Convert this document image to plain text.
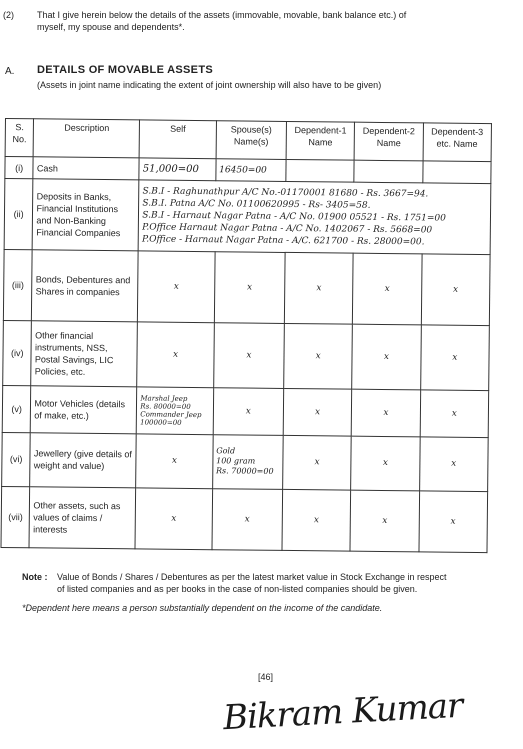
(2)	That I give herein below the details of the assets (immovable, movable, bank balance etc.) of
myself, my spouse and dependents*.
A. DETAILS OF MOVABLE ASSETS
(Assets in joint name indicating the extent of joint ownership will also have to be given)
S. No.	Description	Self	Spouse(s) Name(s)	Dependent-1 Name	Dependent-2 Name	Dependent-3 etc. Name
(i)	Cash	51,000=00	16450=00			
(ii)	Deposits in Banks, Financial Institutions and Non-Banking Financial Companies	S.B.I - Raghunathpur A/C No.-01170001 81680 - Rs. 3667=94.
S.B.I. Patna A/C No. 01100620995 - Rs- 3405=58.
S.B.I - Harnaut Nagar Patna - A/C No. 01900 05521 - Rs. 1751=00
P.Office Harnaut Nagar Patna - A/C No. 1402067 - Rs. 5668=00
P.Office - Harnaut Nagar Patna - A/C. 621700 - Rs. 28000=00.				

(iii)	Bonds, Debentures and Shares in companies	x	x	x	x	x
(iv)	Other financial instruments, NSS, Postal Savings, LIC Policies, etc.	x	x	x	x	x
(v)	Motor Vehicles (details of make, etc.)	Marshal Jeep
Rs. 80000=00
Commander Jeep
100000=00	x	x	x	x
(vi)	Jewellery (give details of weight and value)	x	Gold
100 gram
Rs. 70000=00	x	x	x
(vii)	Other assets, such as values of claims / interests	x	x	x	x	x
Note : Value of Bonds / Shares / Debentures as per the latest market value in Stock Exchange in respect
of listed companies and as per books in the case of non-listed companies should be given.
*Dependent here means a person substantially dependent on the income of the candidate.
[46]
Bikram Kumar
